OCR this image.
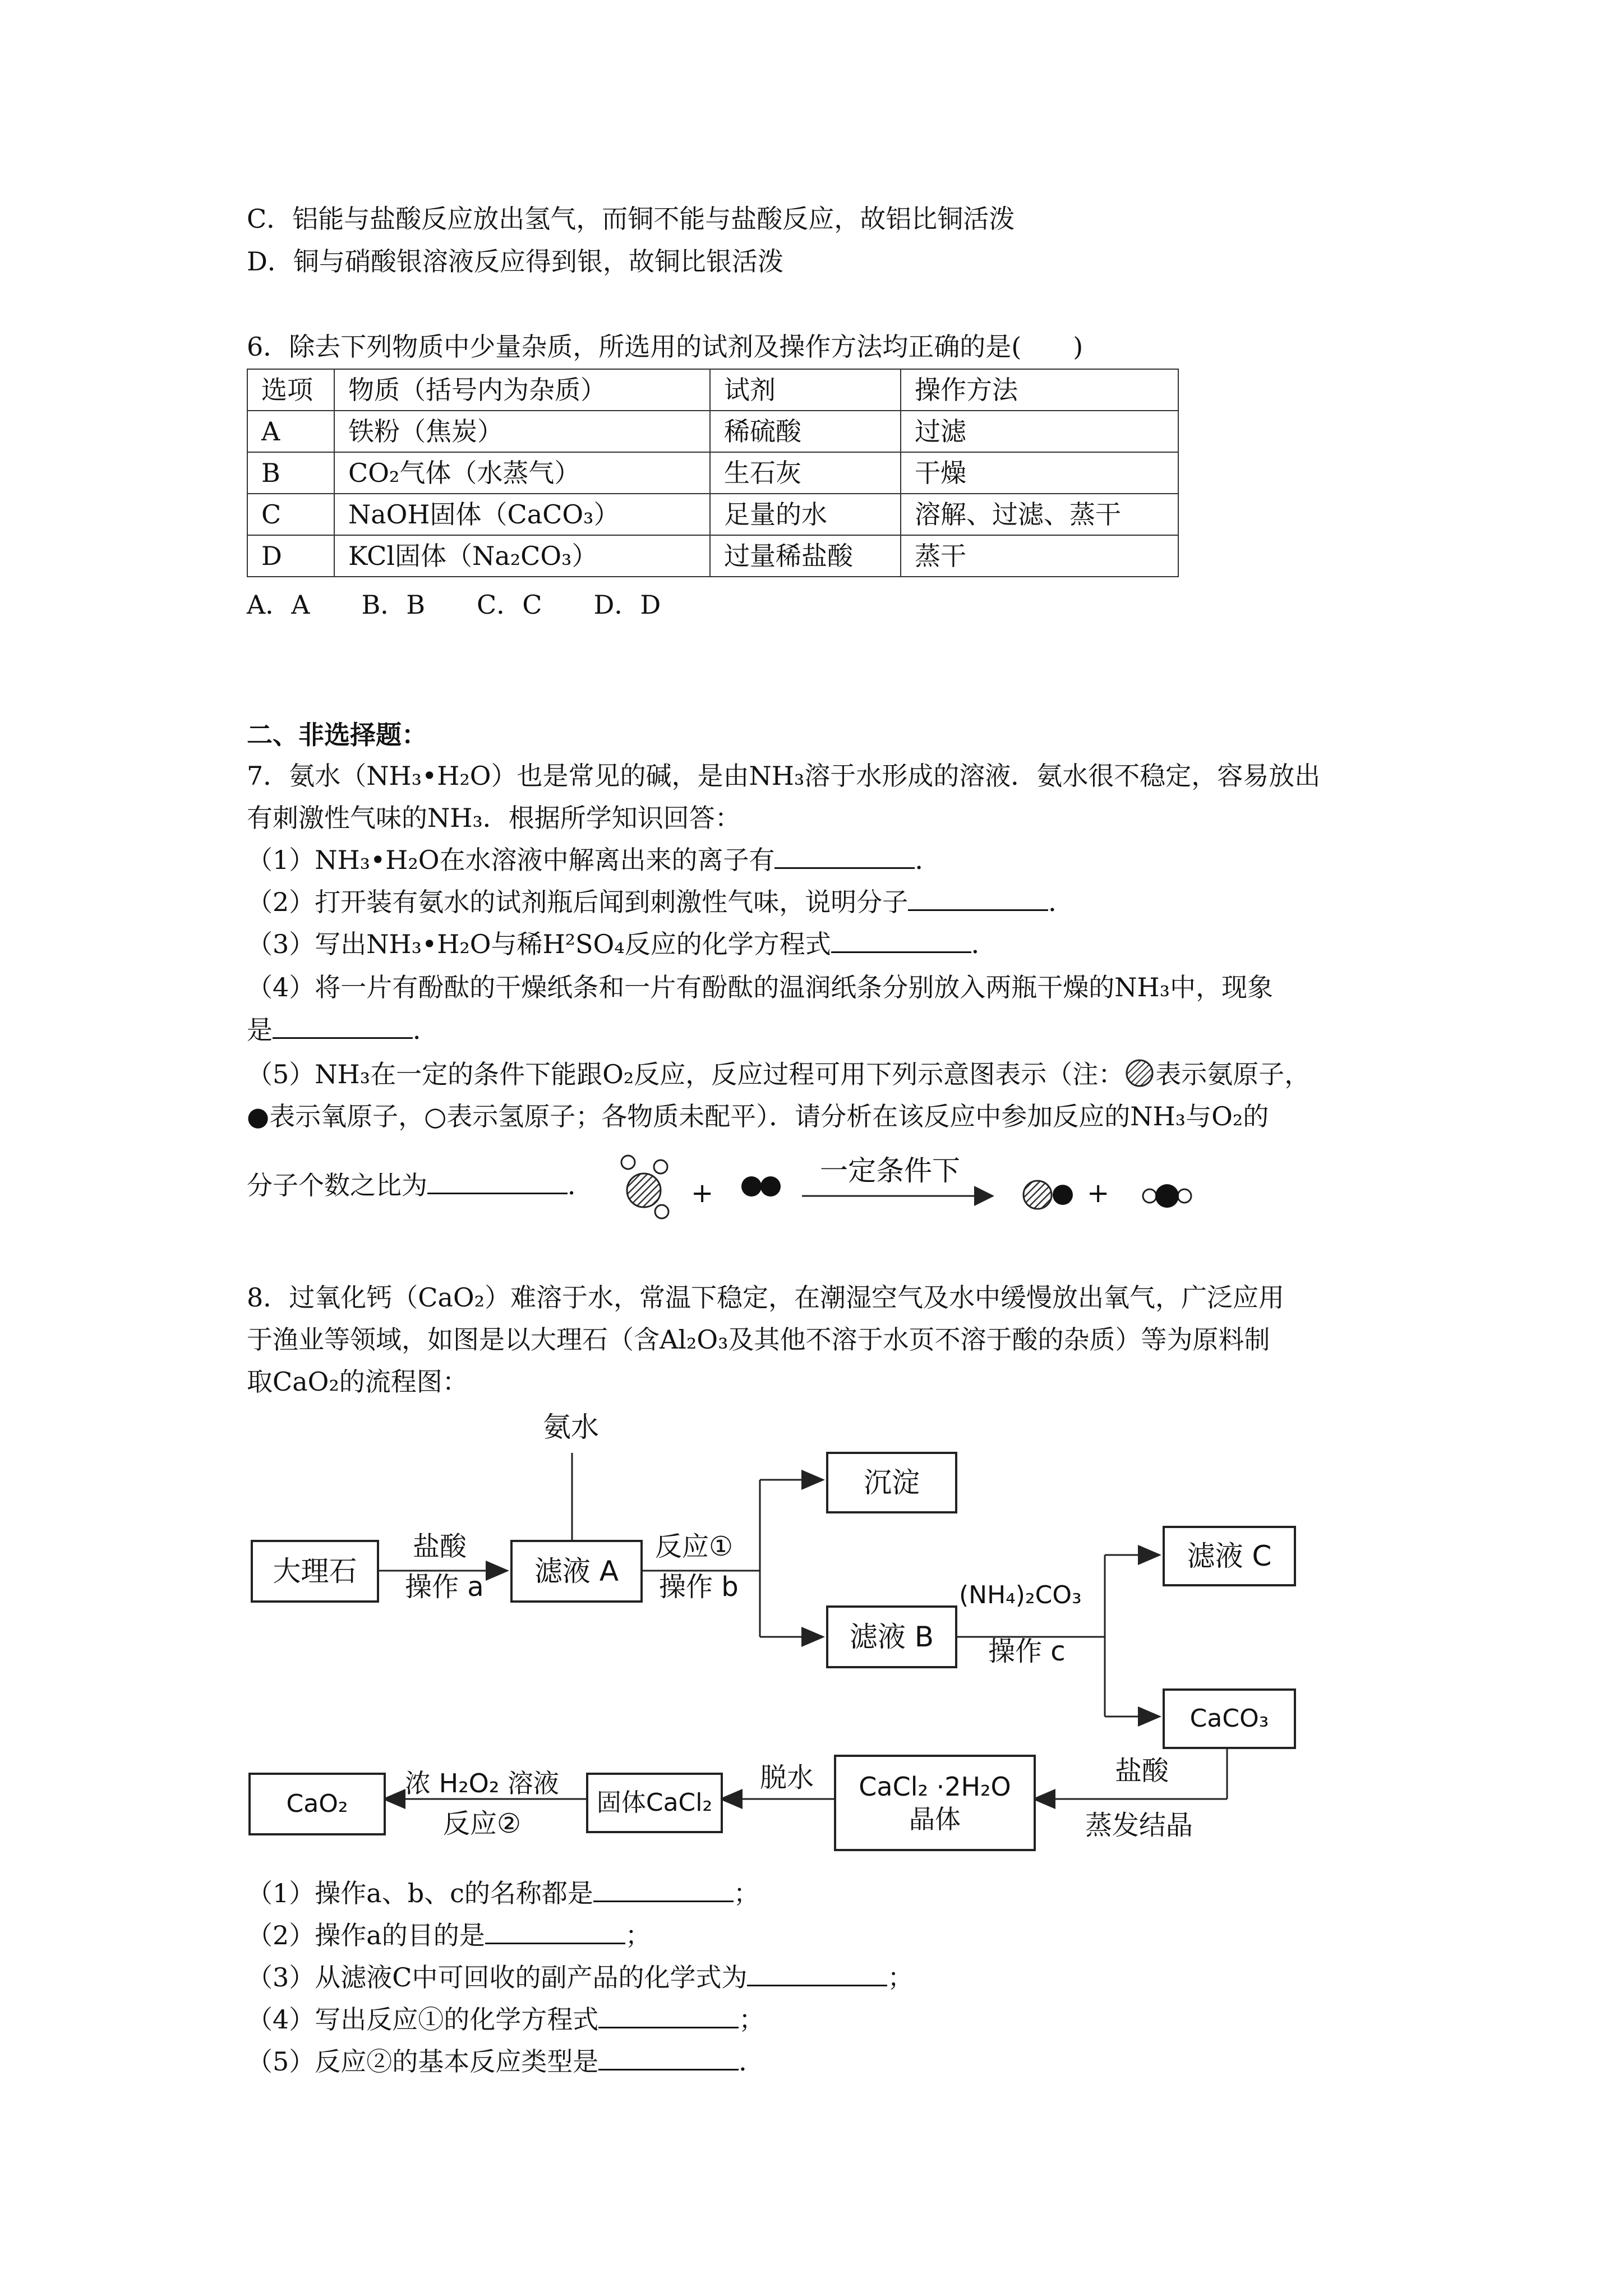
C．铝能与盐酸反应放出氢气，而铜不能与盐酸反应，故铝比铜活泼
D．铜与硝酸银溶液反应得到银，故铜比银活泼
6．除去下列物质中少量杂质，所选用的试剂及操作方法均正确的是(　　)
选项	物质（括号内为杂质）	试剂	操作方法
A	铁粉（焦炭）	稀硫酸	过滤
B	CO₂气体（水蒸气）	生石灰	干燥
C	NaOH固体（CaCO₃）	足量的水	溶解、过滤、蒸干
D	KCl固体（Na₂CO₃）	过量稀盐酸	蒸干
A．A　　B．B　　C．C　　D．D
二、非选择题：
7．氨水（NH₃•H₂O）也是常见的碱，是由NH₃溶于水形成的溶液．氨水很不稳定，容易放出
有刺激性气味的NH₃．根据所学知识回答：
（1）NH₃•H₂O在水溶液中解离出来的离子有	．
（2）打开装有氨水的试剂瓶后闻到刺激性气味，说明分子	．
（3）写出NH₃•H₂O与稀H²SO₄反应的化学方程式	．
（4）将一片有酚酞的干燥纸条和一片有酚酞的温润纸条分别放入两瓶干燥的NH₃中，现象
是	．
（5）NH₃在一定的条件下能跟O₂反应，反应过程可用下列示意图表示（注： 表示氨原子，
●表示氧原子，○表示氢原子；各物质未配平）．请分析在该反应中参加反应的NH₃与O₂的
分子个数之比为	．	+	+
一定条件下
8．过氧化钙（CaO₂）难溶于水，常温下稳定，在潮湿空气及水中缓慢放出氧气，广泛应用
于渔业等领域，如图是以大理石（含Al₂O₃及其他不溶于水页不溶于酸的杂质）等为原料制
取CaO₂的流程图：
氨水
大理石
盐酸
操作 a	滤液 A
反应①
操作 b
沉淀
滤液 B
(NH₄)₂CO₃
操作 c
滤液 C
CaCO₃
盐酸
蒸发结晶
CaCl₂ ·2H₂O
晶体
脱水
固体CaCl₂
浓 H₂O₂ 溶液
反应②
CaO₂
（1）操作a、b、c的名称都是	；
（2）操作a的目的是	；
（3）从滤液C中可回收的副产品的化学式为	；
（4）写出反应①的化学方程式	；
（5）反应②的基本反应类型是	．
